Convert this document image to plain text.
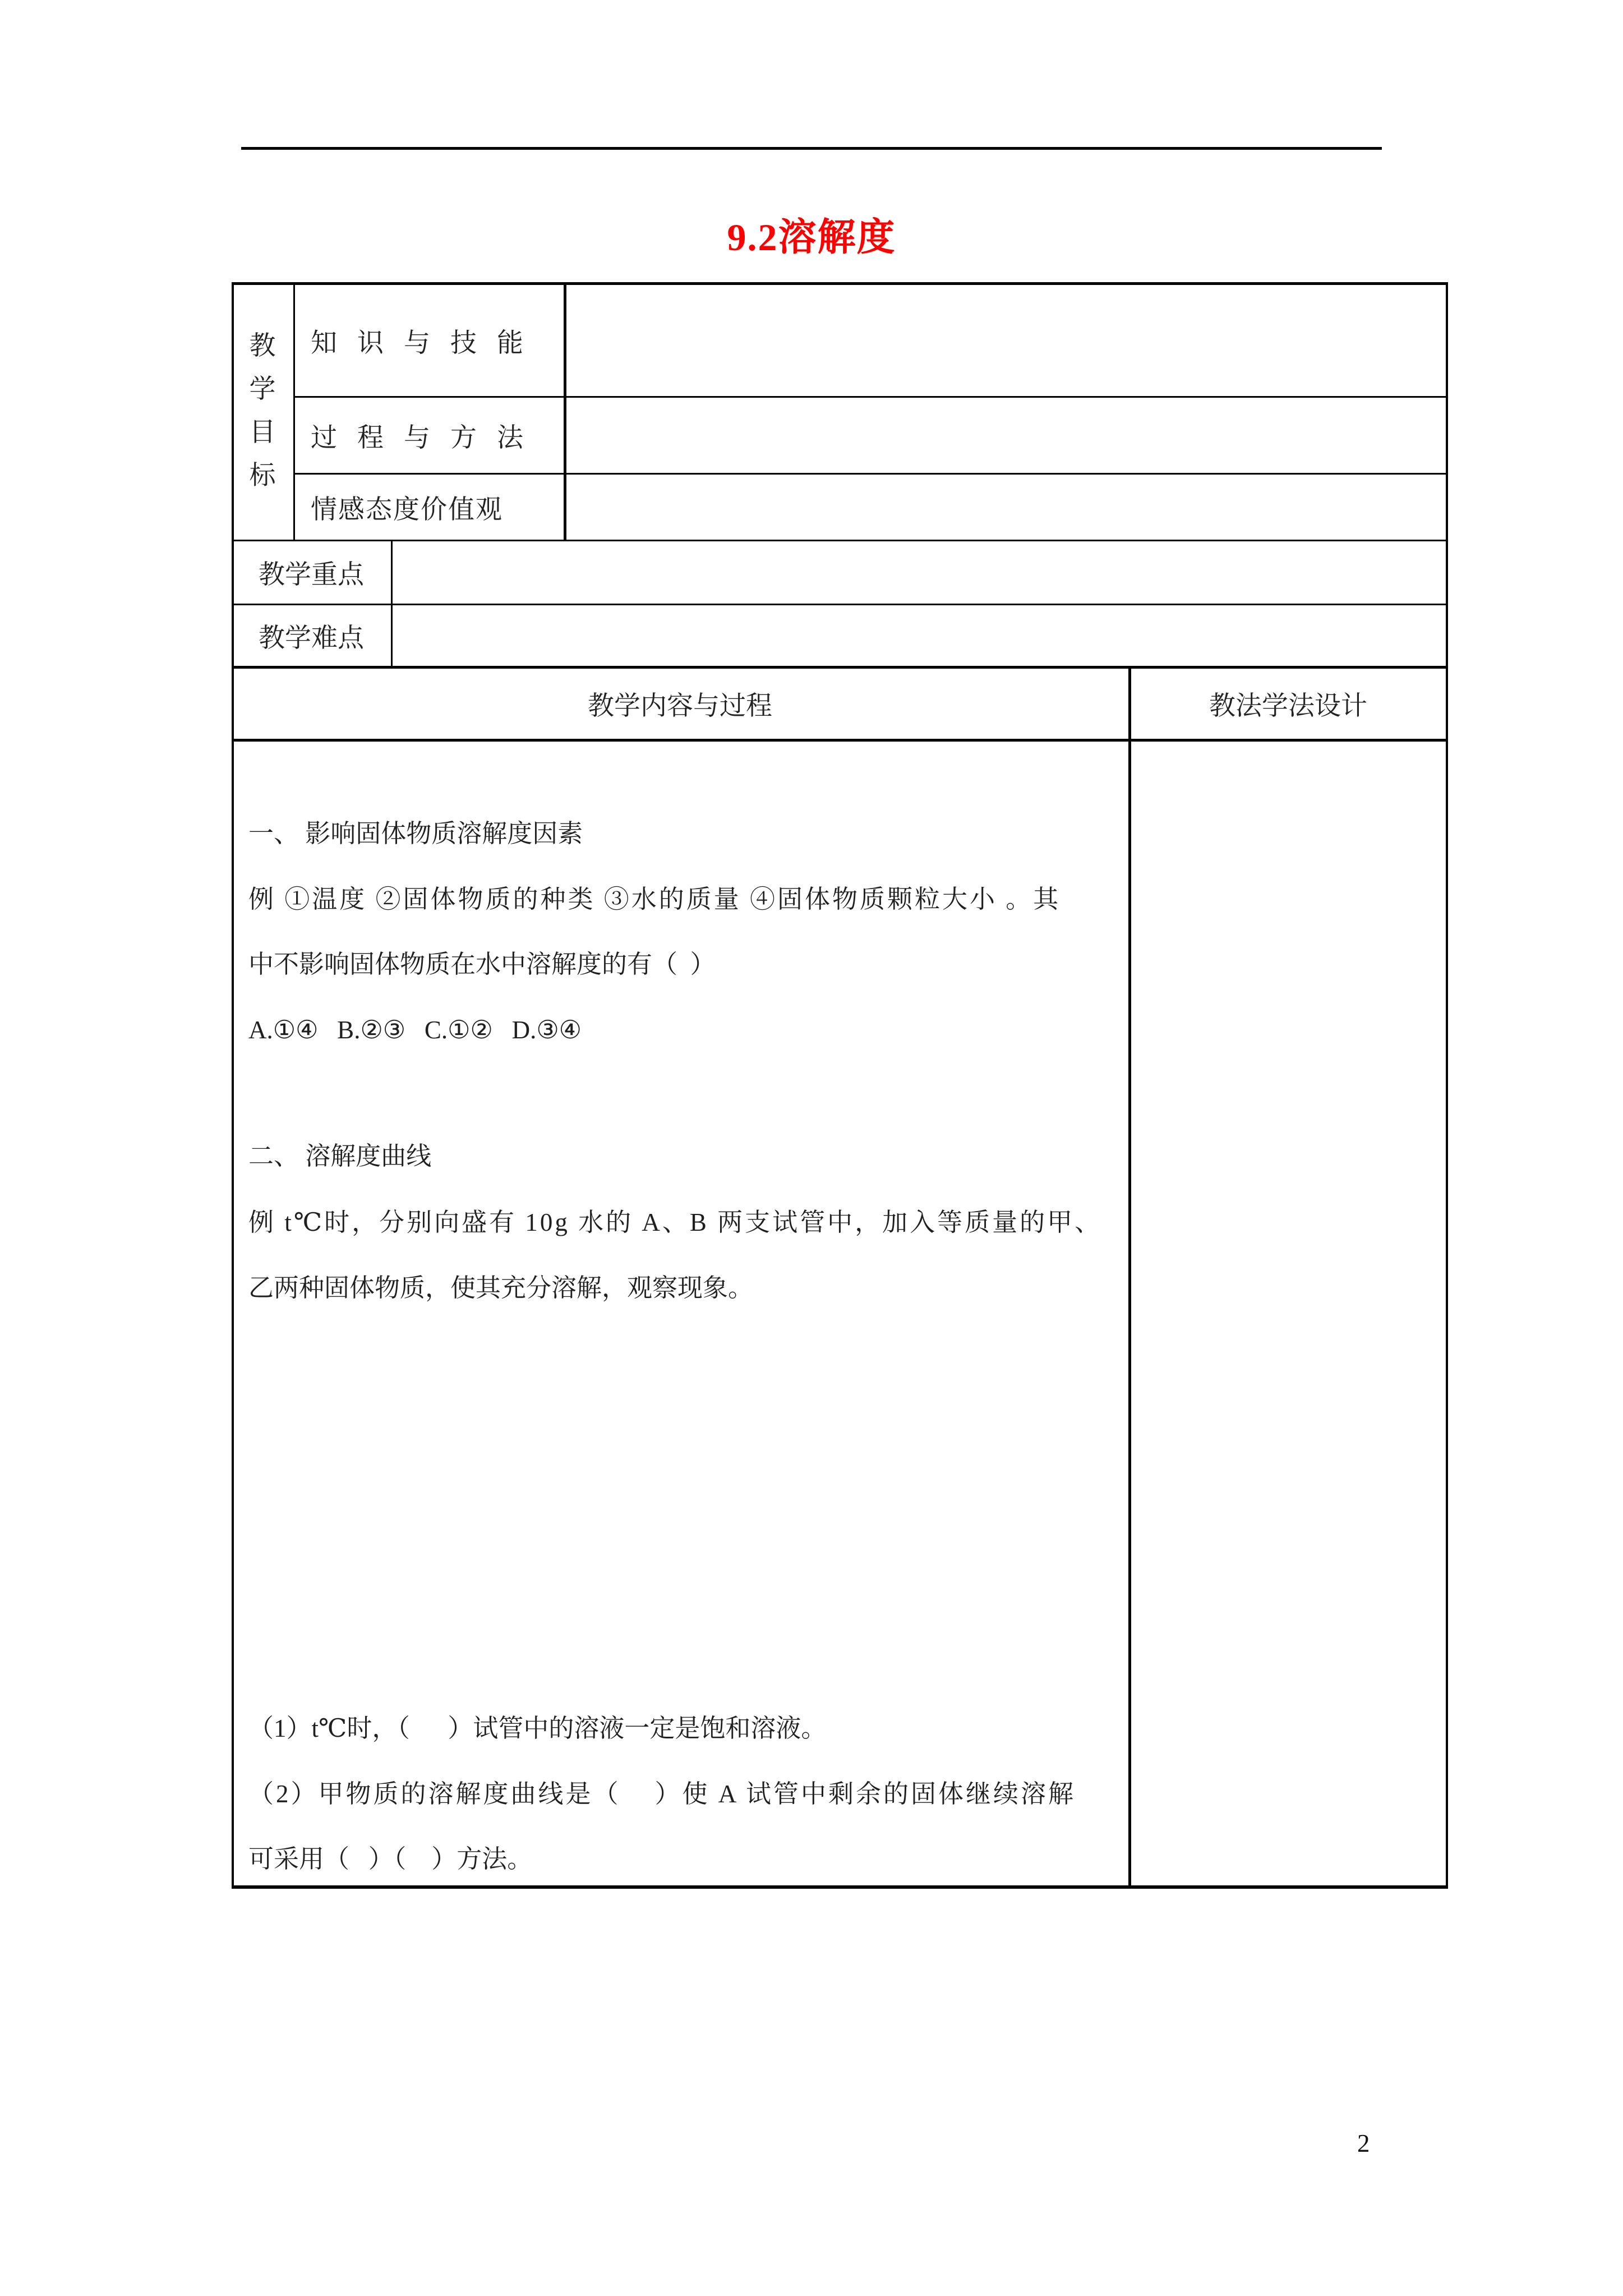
9.2溶解度
教
学
目
标
知识与技能
过程与方法
情感态度价值观
教学重点
教学难点
教学内容与过程	教法学法设计
一、 影响固体物质溶解度因素
例 ①温度 ②固体物质的种类 ③水的质量 ④固体物质颗粒大小 。其
中不影响固体物质在水中溶解度的有（  ）
A.①④   B.②③   C.①②   D.③④
二、 溶解度曲线
例 t℃时，分别向盛有 10g 水的 A、B 两支试管中，加入等质量的甲、
乙两种固体物质，使其充分溶解，观察现象。
（1）t℃时，（      ）试管中的溶液一定是饱和溶液。
（2）甲物质的溶解度曲线是（    ）使 A 试管中剩余的固体继续溶解
可采用（   ）（    ）方法。
2
